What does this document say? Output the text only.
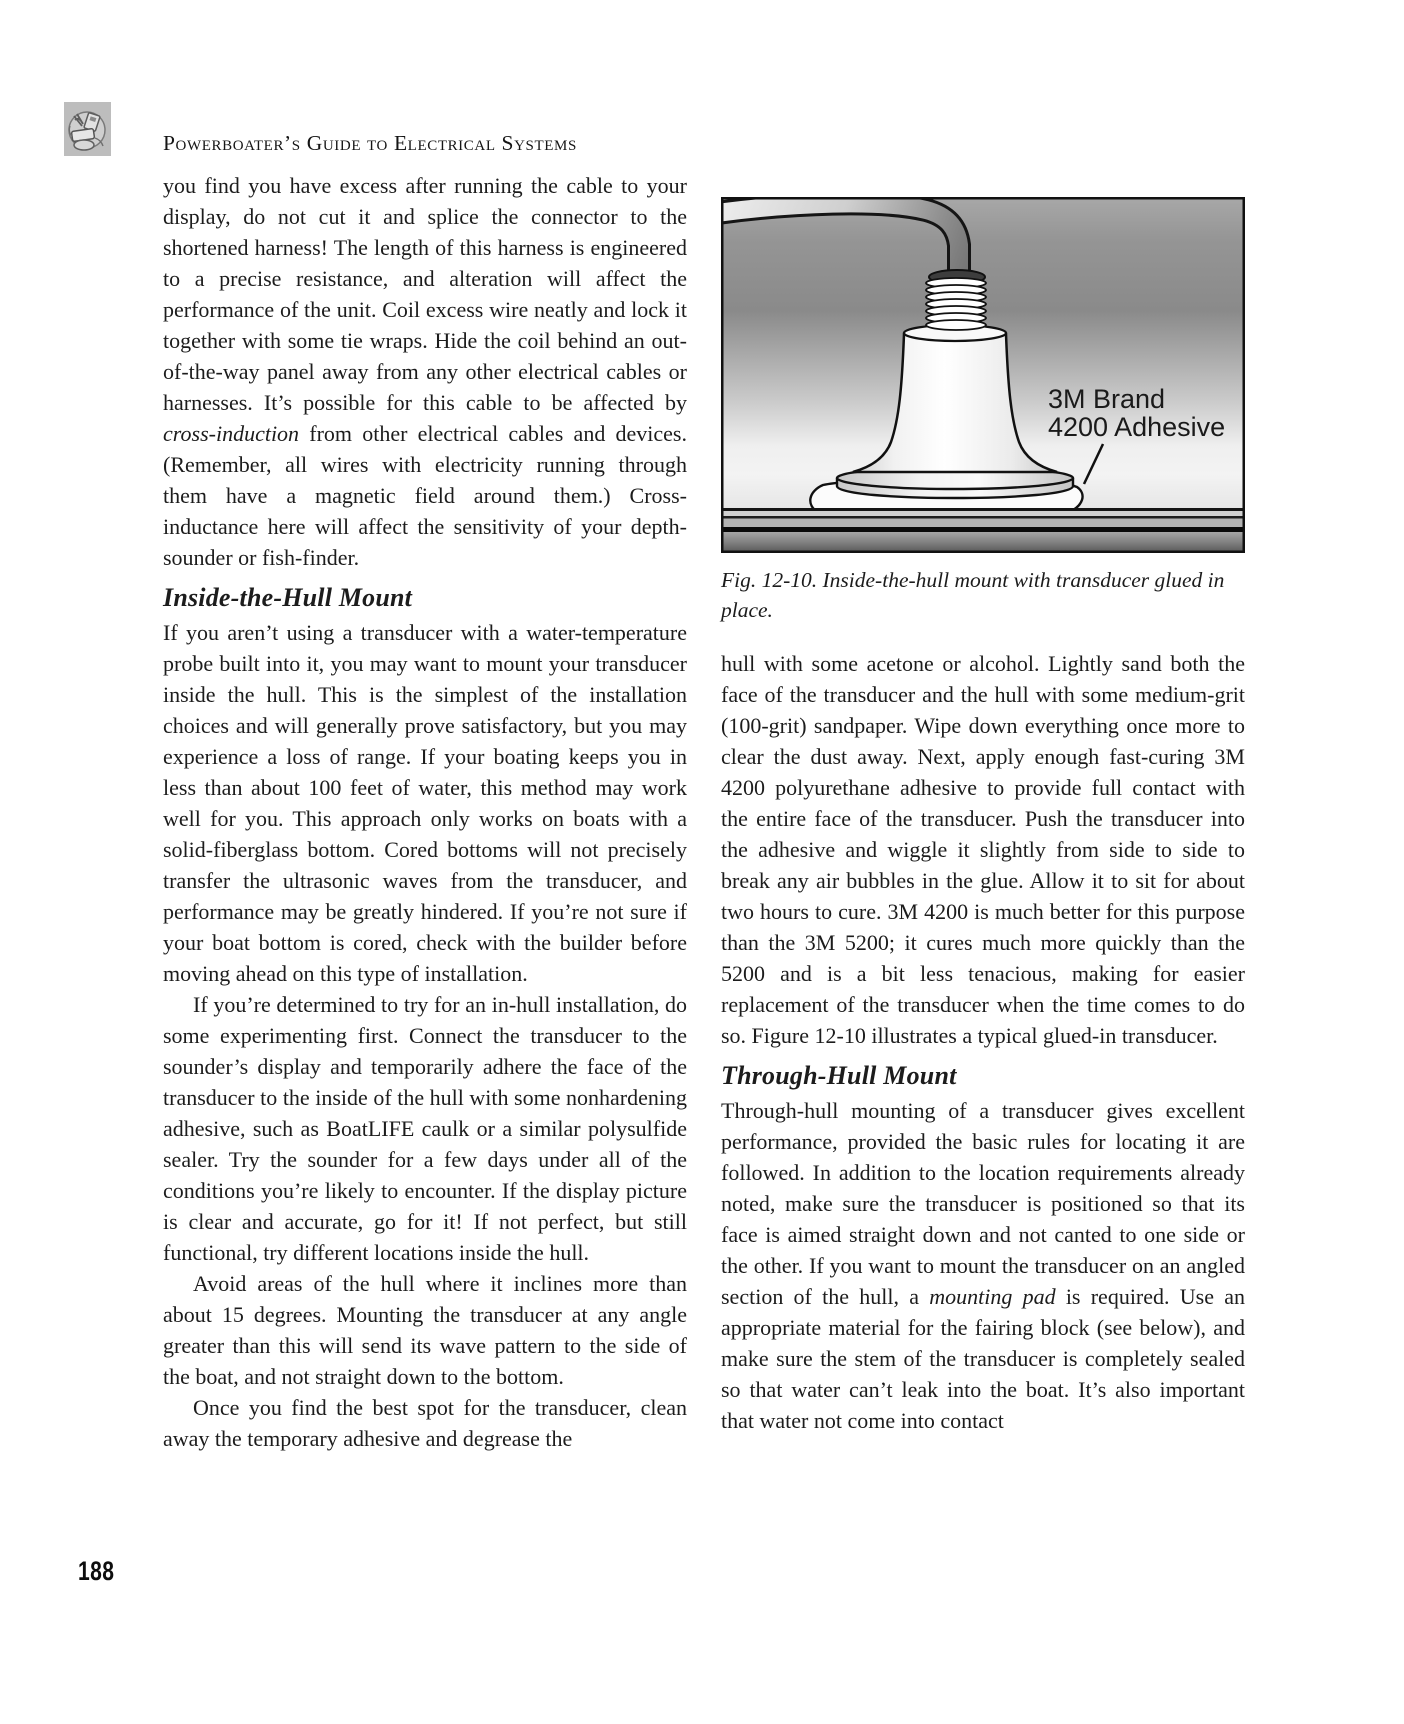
Powerboater’s Guide to Electrical Systems

you find you have excess after running the cable to your display, do not cut it and splice the connector to the shortened harness! The length of this harness is engineered to a precise resistance, and alteration will affect the performance of the unit. Coil excess wire neatly and lock it together with some tie wraps. Hide the coil behind an out-of-the-way panel away from any other electrical cables or harnesses. It’s possible for this cable to be affected by cross-induction from other electrical cables and devices. (Remember, all wires with electricity running through them have a magnetic field around them.) Cross-inductance here will affect the sensitivity of your depth-sounder or fish-finder.

Inside-the-Hull Mount

If you aren’t using a transducer with a water-temperature probe built into it, you may want to mount your transducer inside the hull. This is the simplest of the installation choices and will generally prove satisfactory, but you may experience a loss of range. If your boating keeps you in less than about 100 feet of water, this method may work well for you. This approach only works on boats with a solid-fiberglass bottom. Cored bottoms will not precisely transfer the ultrasonic waves from the transducer, and performance may be greatly hindered. If you’re not sure if your boat bottom is cored, check with the builder before moving ahead on this type of installation.

If you’re determined to try for an in-hull installation, do some experimenting first. Connect the transducer to the sounder’s display and temporarily adhere the face of the transducer to the inside of the hull with some nonhardening adhesive, such as BoatLIFE caulk or a similar polysulfide sealer. Try the sounder for a few days under all of the conditions you’re likely to encounter. If the display picture is clear and accurate, go for it! If not perfect, but still functional, try different locations inside the hull.

Avoid areas of the hull where it inclines more than about 15 degrees. Mounting the transducer at any angle greater than this will send its wave pattern to the side of the boat, and not straight down to the bottom.

Once you find the best spot for the transducer, clean away the temporary adhesive and degrease the

3M Brand
4200 Adhesive
Fig. 12-10. Inside-the-hull mount with transducer glued in place.

hull with some acetone or alcohol. Lightly sand both the face of the transducer and the hull with some medium-grit (100-grit) sandpaper. Wipe down everything once more to clear the dust away. Next, apply enough fast-curing 3M 4200 polyurethane adhesive to provide full contact with the entire face of the transducer. Push the transducer into the adhesive and wiggle it slightly from side to side to break any air bubbles in the glue. Allow it to sit for about two hours to cure. 3M 4200 is much better for this purpose than the 3M 5200; it cures much more quickly than the 5200 and is a bit less tenacious, making for easier replacement of the transducer when the time comes to do so. Figure 12-10 illustrates a typical glued-in transducer.

Through-Hull Mount

Through-hull mounting of a transducer gives excellent performance, provided the basic rules for locating it are followed. In addition to the location requirements already noted, make sure the transducer is positioned so that its face is aimed straight down and not canted to one side or the other. If you want to mount the transducer on an angled section of the hull, a mounting pad is required. Use an appropriate material for the fairing block (see below), and make sure the stem of the transducer is completely sealed so that water can’t leak into the boat. It’s also important that water not come into contact

188
